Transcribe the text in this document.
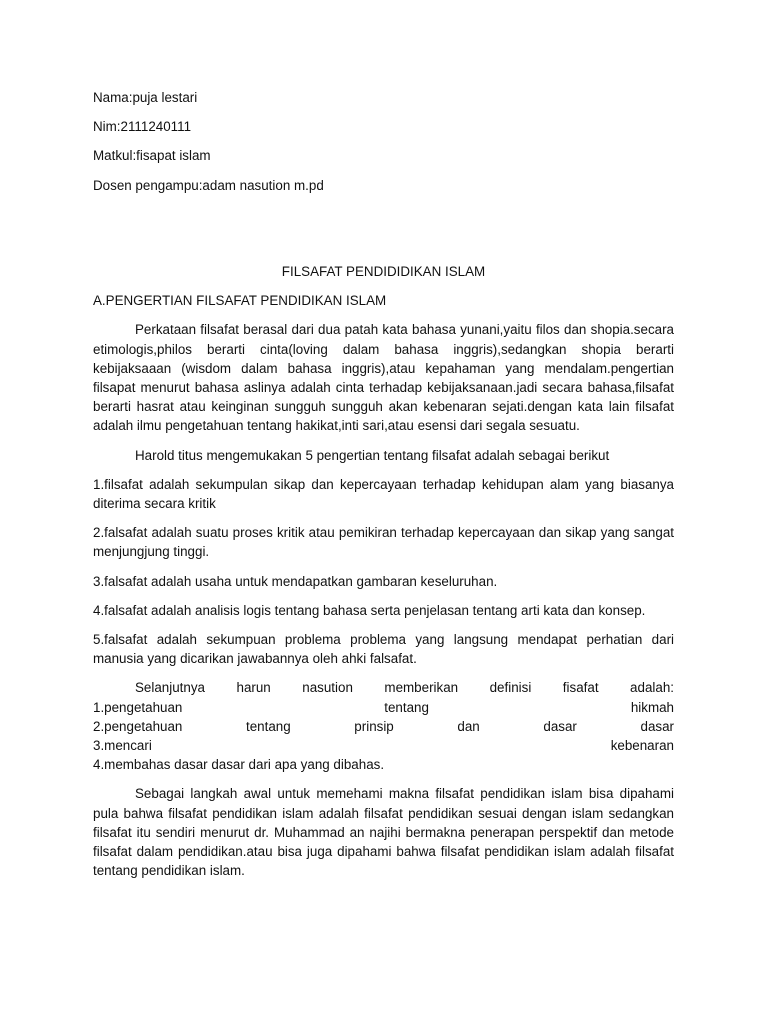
Nama:puja lestari

Nim:2111240111

Matkul:fisapat islam

Dosen pengampu:adam nasution m.pd

FILSAFAT PENDIDIDIKAN ISLAM

A.PENGERTIAN FILSAFAT PENDIDIKAN ISLAM

Perkataan filsafat berasal dari dua patah kata bahasa yunani,yaitu filos dan shopia.secara etimologis,philos berarti cinta(loving dalam bahasa inggris),sedangkan shopia berarti kebijaksaaan (wisdom dalam bahasa inggris),atau kepahaman yang mendalam.pengertian filsapat menurut bahasa aslinya adalah cinta terhadap kebijaksanaan.jadi secara bahasa,filsafat berarti hasrat atau keinginan sungguh sungguh akan kebenaran sejati.dengan kata lain filsafat adalah ilmu pengetahuan tentang hakikat,inti sari,atau esensi dari segala sesuatu.

Harold titus mengemukakan 5 pengertian tentang filsafat adalah sebagai berikut

1.filsafat adalah sekumpulan sikap dan kepercayaan terhadap kehidupan alam yang biasanya diterima secara kritik

2.falsafat adalah suatu proses kritik atau pemikiran terhadap kepercayaan dan sikap yang sangat menjungjung tinggi.

3.falsafat adalah usaha untuk mendapatkan gambaran keseluruhan.

4.falsafat adalah analisis logis tentang bahasa serta penjelasan tentang arti kata dan konsep.

5.falsafat adalah sekumpuan problema problema yang langsung mendapat perhatian dari manusia yang dicarikan jawabannya oleh ahki falsafat.

Selanjutnya harun nasution memberikan definisi fisafat adalah:
1.pengetahuan tentang hikmah
2.pengetahuan tentang prinsip dan dasar dasar
3.mencari kebenaran
4.membahas dasar dasar dari apa yang dibahas.

Sebagai langkah awal untuk memehami makna filsafat pendidikan islam bisa dipahami pula bahwa filsafat pendidikan islam adalah filsafat pendidikan sesuai dengan islam sedangkan filsafat itu sendiri menurut dr. Muhammad an najihi bermakna penerapan perspektif dan metode filsafat dalam pendidikan.atau bisa juga dipahami bahwa filsafat pendidikan islam adalah filsafat tentang pendidikan islam.
